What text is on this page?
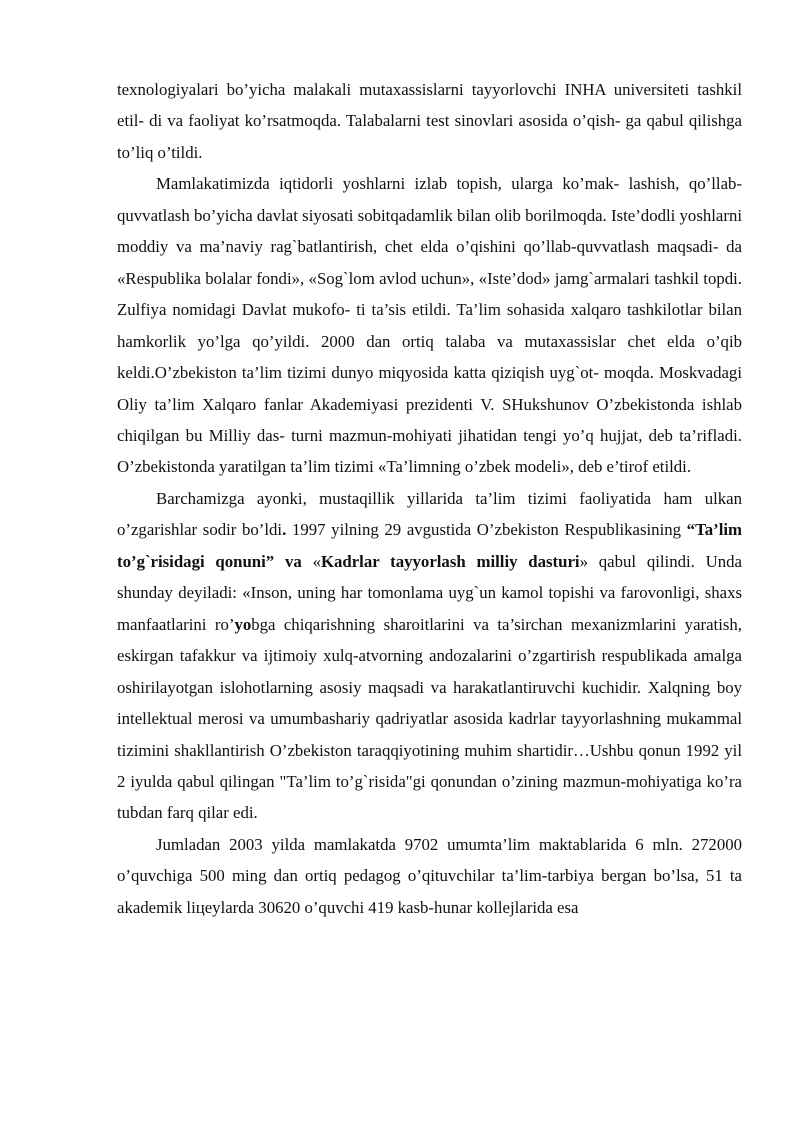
texnologiyalari bo’yicha malakali mutaxassislarni tayyorlovchi INHA universiteti tashkil etil- di va faoliyat ko’rsatmoqda. Talabalarni test sinovlari asosida o’qish- ga qabul qilishga to’liq o’tildi.

Mamlakatimizda iqtidorli yoshlarni izlab topish, ularga ko’mak- lashish, qo’llab-quvvatlash bo’yicha davlat siyosati sobitqadamlik bilan olib borilmoqda. Iste’dodli yoshlarni moddiy va ma’naviy rag`batlantirish, chet elda o’qishini qo’llab-quvvatlash maqsadi- da «Respublika bolalar fondi», «Sog`lom avlod uchun», «Iste’dod» jamg`armalari tashkil topdi. Zulfiya nomidagi Davlat mukofo- ti ta’sis etildi. Ta’lim sohasida xalqaro tashkilotlar bilan hamkorlik yo’lga qo’yildi. 2000 dan ortiq talaba va mutaxassislar chet elda o’qib keldi.O’zbekiston ta’lim tizimi dunyo miqyosida katta qiziqish uyg`ot- moqda. Moskvadagi Oliy ta’lim Xalqaro fanlar Akademiyasi prezidenti V. SHukshunov O’zbekistonda ishlab chiqilgan bu Milliy das- turni mazmun-mohiyati jihatidan tengi yo’q hujjat, deb ta’rifladi. O’zbekistonda yaratilgan ta’lim tizimi «Ta’limning o’zbek modeli», deb e’tirof etildi.

Barchamizga ayonki, mustaqillik yillarida ta’lim tizimi faoliyatida ham ulkan o’zgarishlar sodir bo’ldi. 1997 yilning 29 avgustida O’zbekiston Respublikasining “Ta’lim to’g`risidagi qonuni” va «Kadrlar tayyorlash milliy dasturi» qabul qilindi. Unda shunday deyiladi: «Inson, uning har tomonlama uyg`un kamol topishi va farovonligi, shaxs manfaatlarini ro’yobga chiqarishning sharoitlarini va ta’sirchan mexanizmlarini yaratish, eskirgan tafakkur va ijtimoiy xulq-atvorning andozalarini o’zgartirish respublikada amalga oshirilayotgan islohotlarning asosiy maqsadi va harakatlantiruvchi kuchidir. Xalqning boy intellektual merosi va umumbashariy qadriyatlar asosida kadrlar tayyorlashning mukammal tizimini shakllantirish O’zbekiston taraqqiyotining muhim shartidir…Ushbu qonun 1992 yil 2 iyulda qabul qilingan "Ta’lim to’g`risida"gi qonundan o’zining mazmun-mohiyatiga ko’ra tubdan farq qilar edi.

Jumladan 2003 yilda mamlakatda 9702 umumta’lim maktablarida 6 mln. 272000 o’quvchiga 500 ming dan ortiq pedagog o’qituvchilar ta’lim-tarbiya bergan bo’lsa, 51 ta akademik liцeylarda 30620 o’quvchi 419 kasb-hunar kollejlarida esa
